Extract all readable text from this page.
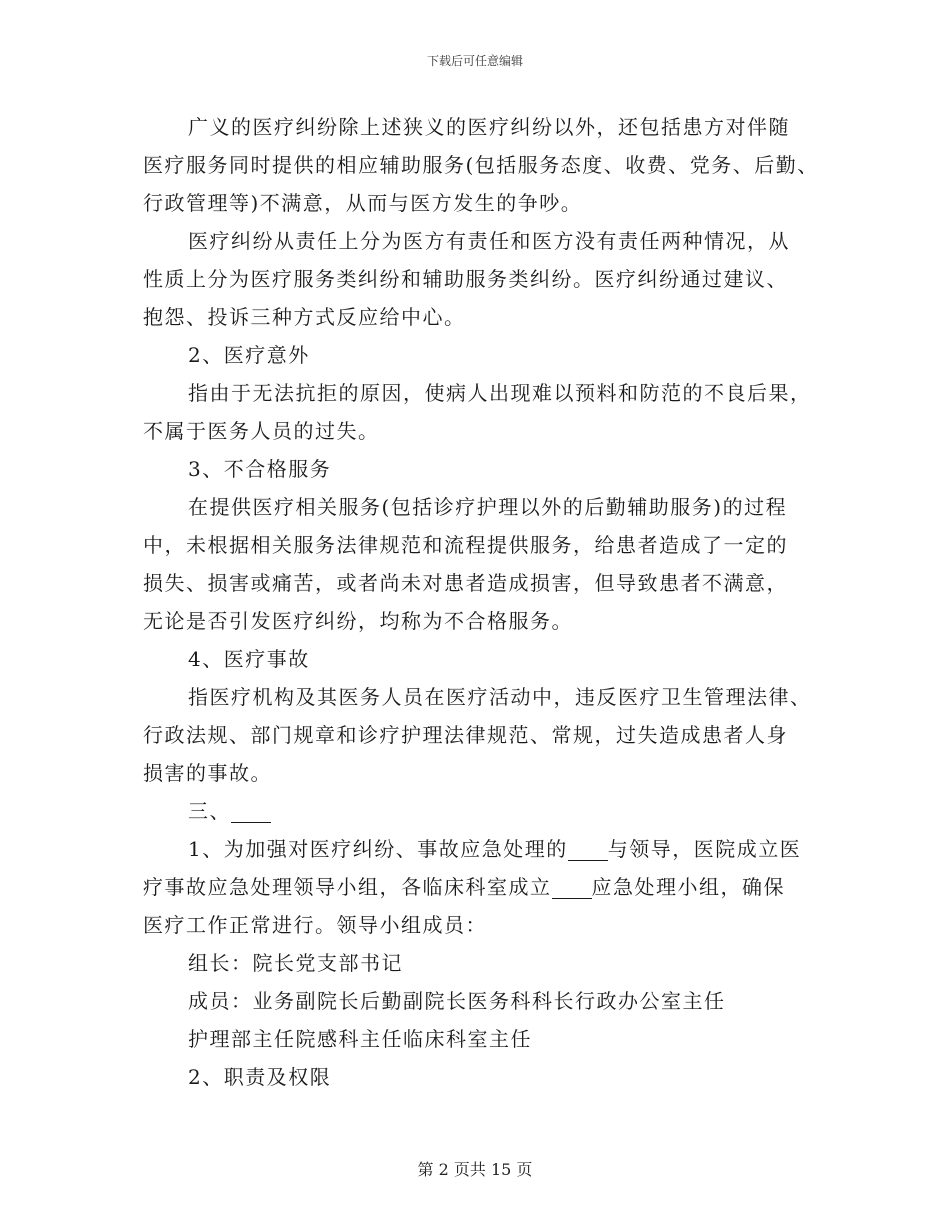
下载后可任意编辑
广义的医疗纠纷除上述狭义的医疗纠纷以外，还包括患方对伴随
医疗服务同时提供的相应辅助服务(包括服务态度、收费、党务、后勤、
行政管理等)不满意，从而与医方发生的争吵。
医疗纠纷从责任上分为医方有责任和医方没有责任两种情况，从
性质上分为医疗服务类纠纷和辅助服务类纠纷。医疗纠纷通过建议、
抱怨、投诉三种方式反应给中心。
2、医疗意外
指由于无法抗拒的原因，使病人出现难以预料和防范的不良后果，
不属于医务人员的过失。
3、不合格服务
在提供医疗相关服务(包括诊疗护理以外的后勤辅助服务)的过程
中，未根据相关服务法律规范和流程提供服务，给患者造成了一定的
损失、损害或痛苦，或者尚未对患者造成损害，但导致患者不满意，
无论是否引发医疗纠纷，均称为不合格服务。
4、医疗事故
指医疗机构及其医务人员在医疗活动中，违反医疗卫生管理法律、
行政法规、部门规章和诊疗护理法律规范、常规，过失造成患者人身
损害的事故。
三、
1、为加强对医疗纠纷、事故应急处理的 与领导，医院成立医
疗事故应急处理领导小组，各临床科室成立 应急处理小组，确保
医疗工作正常进行。领导小组成员：
组长：院长党支部书记
成员：业务副院长后勤副院长医务科科长行政办公室主任
护理部主任院感科主任临床科室主任
2、职责及权限
第 2 页共 15 页
